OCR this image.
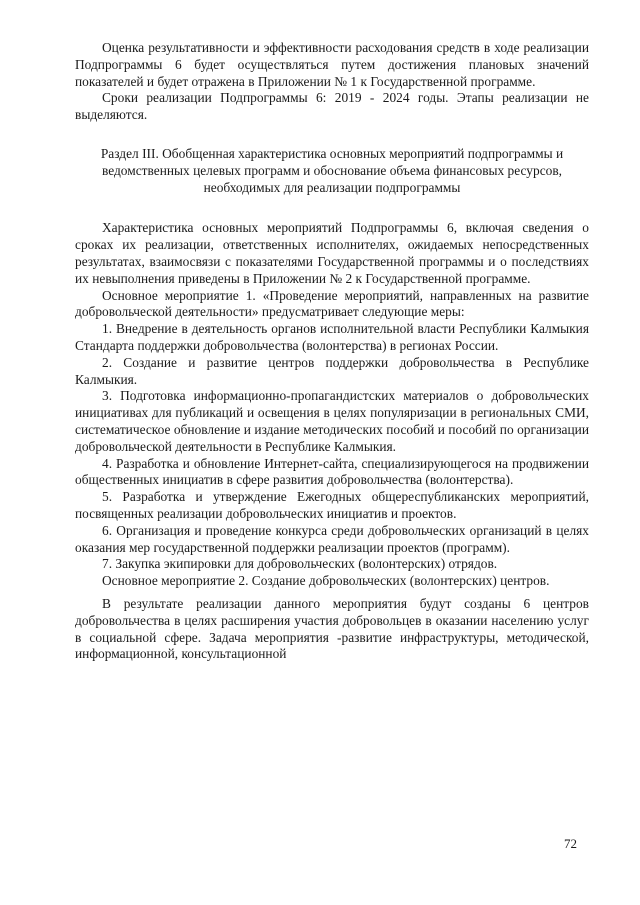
Оценка результативности и эффективности расходования средств в ходе реализации Подпрограммы 6 будет осуществляться путем достижения плановых значений показателей и будет отражена в Приложении № 1 к Государственной программе.

Сроки реализации Подпрограммы 6: 2019 - 2024 годы. Этапы реализации не выделяются.

Раздел III. Обобщенная характеристика основных мероприятий подпрограммы и ведомственных целевых программ и обоснование объема финансовых ресурсов, необходимых для реализации подпрограммы

Характеристика основных мероприятий Подпрограммы 6, включая сведения о сроках их реализации, ответственных исполнителях, ожидаемых непосредственных результатах, взаимосвязи с показателями Государственной программы и о последствиях их невыполнения приведены в Приложении № 2 к Государственной программе.

Основное мероприятие 1. «Проведение мероприятий, направленных на развитие добровольческой деятельности» предусматривает следующие меры:

1. Внедрение в деятельность органов исполнительной власти Республики Калмыкия Стандарта поддержки добровольчества (волонтерства) в регионах России.

2. Создание и развитие центров поддержки добровольчества в Республике Калмыкия.

3. Подготовка информационно-пропагандистских материалов о добровольческих инициативах для публикаций и освещения в целях популяризации в региональных СМИ, систематическое обновление и издание методических пособий и пособий по организации добровольческой деятельности в Республике Калмыкия.

4. Разработка и обновление Интернет-сайта, специализирующегося на продвижении общественных инициатив в сфере развития добровольчества (волонтерства).

5. Разработка и утверждение Ежегодных общереспубликанских мероприятий, посвященных реализации добровольческих инициатив и проектов.

6. Организация и проведение конкурса среди добровольческих организаций в целях оказания мер государственной поддержки реализации проектов (программ).

7. Закупка экипировки для добровольческих (волонтерских) отрядов.

Основное мероприятие 2. Создание добровольческих (волонтерских) центров.

В результате реализации данного мероприятия будут созданы 6 центров добровольчества в целях расширения участия добровольцев в оказании населению услуг в социальной сфере. Задача мероприятия -развитие инфраструктуры, методической, информационной, консультационной

72
